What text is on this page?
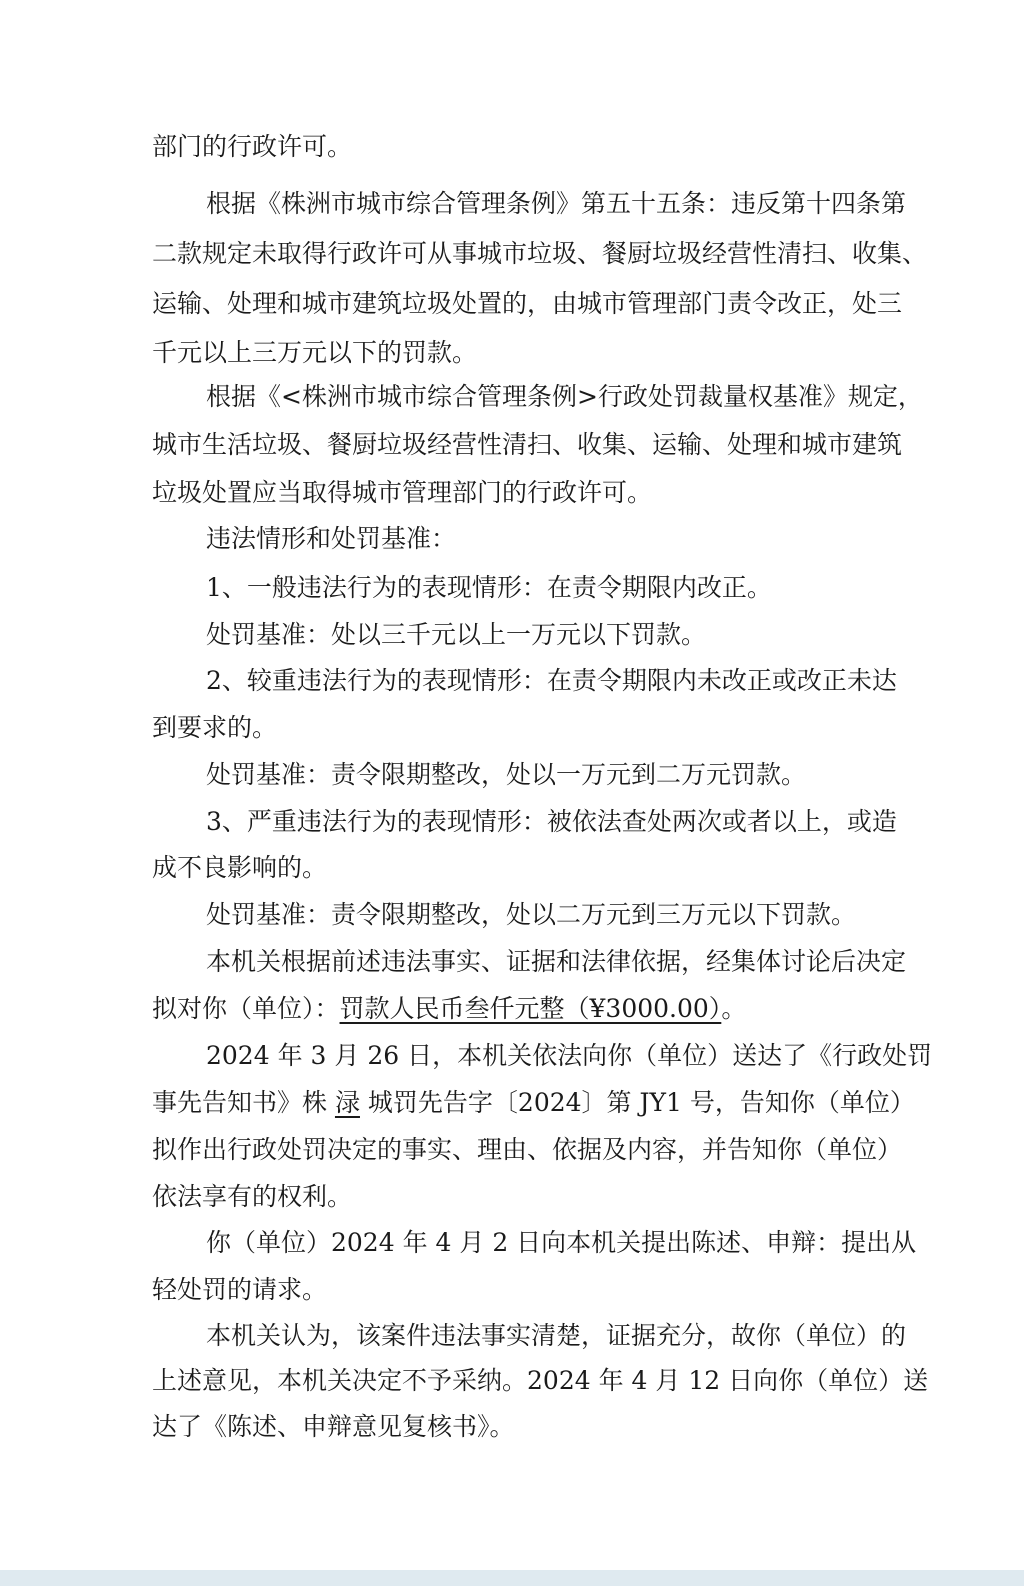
部门的行政许可。
根据《株洲市城市综合管理条例》第五十五条：违反第十四条第
二款规定未取得行政许可从事城市垃圾、餐厨垃圾经营性清扫、收集、
运输、处理和城市建筑垃圾处置的，由城市管理部门责令改正，处三
千元以上三万元以下的罚款。
根据《<株洲市城市综合管理条例>行政处罚裁量权基准》规定，
城市生活垃圾、餐厨垃圾经营性清扫、收集、运输、处理和城市建筑
垃圾处置应当取得城市管理部门的行政许可。
违法情形和处罚基准：
1、一般违法行为的表现情形：在责令期限内改正。
处罚基准：处以三千元以上一万元以下罚款。
2、较重违法行为的表现情形：在责令期限内未改正或改正未达
到要求的。
处罚基准：责令限期整改，处以一万元到二万元罚款。
3、严重违法行为的表现情形：被依法查处两次或者以上，或造
成不良影响的。
处罚基准：责令限期整改，处以二万元到三万元以下罚款。
本机关根据前述违法事实、证据和法律依据，经集体讨论后决定
拟对你（单位）：罚款人民币叁仟元整（¥3000.00）。
2024 年 3 月 26 日，本机关依法向你（单位）送达了《行政处罚
事先告知书》株 渌 城罚先告字〔2024〕第 JY1 号，告知你（单位）
拟作出行政处罚决定的事实、理由、依据及内容，并告知你（单位）
依法享有的权利。
你（单位）2024 年 4 月 2 日向本机关提出陈述、申辩：提出从
轻处罚的请求。
本机关认为，该案件违法事实清楚，证据充分，故你（单位）的
上述意见，本机关决定不予采纳。2024 年 4 月 12 日向你（单位）送
达了《陈述、申辩意见复核书》。
